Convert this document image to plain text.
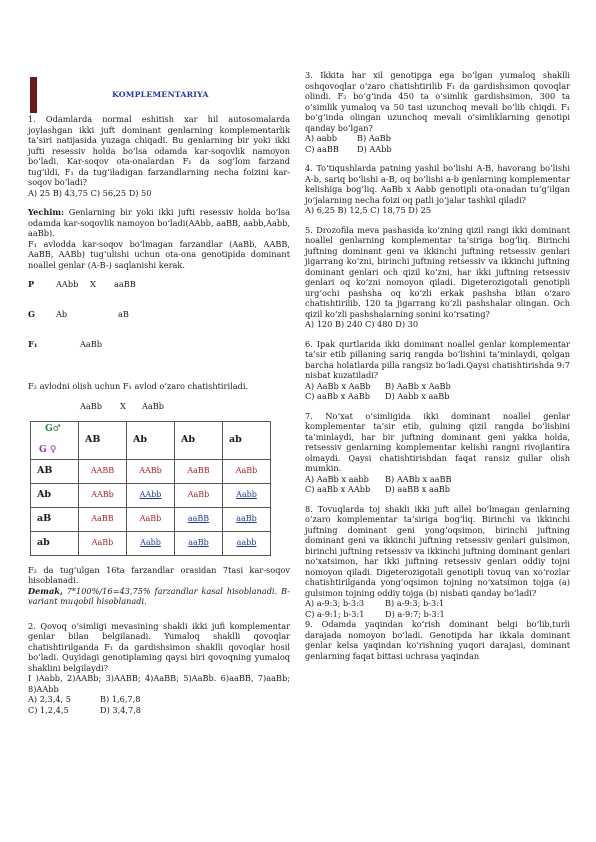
KOMPLEMENTARIYA

1. Odamlarda normal eshitish xar hil autosomalarda joylashgan ikki juft dominant genlarning komplementarlik ta’siri natijasida yuzaga chiqadi. Bu genlarning bir yoki ikki jufti resessiv holda bo‘lsa odamda kar-soqovlik namoyon bo‘ladi. Kar-soqov ota-onalardan F₁ da sog‘lom farzand tug‘ildi, F₁ da tug‘iladigan farzandlarning necha foizini kar-soqov bo‘ladi?

A) 25 B) 43,75 C) 56,25 D) 50

Yechim: Genlarning bir yoki ikki jufti resessiv holda bo‘lsa odamda kar-soqovlik namoyon bo‘ladi(AAbb, aaBB, aabb,Aabb, aaBb).

F₁ avlodda kar-soqov bo‘lmagan farzandlar (AaBb, AABB, AaBB, AABb) tug‘ulishi uchun ota-ona genotipida dominant noallel genlar (A-B-) saqlanishi kerak.

P	AAbb X aaBB
G	Ab	aB
F₁	AaBb

F₂ avlodni olish uchun F₁ avlod o‘zaro chatishtiriladi.

AaBb X AaBb
G♂
G ♀	AB	Ab	Ab	ab
AB	AABB	AABb	AaBB	AaBb
Ab	AABb	AAbb	AaBb	Aabb
aB	AaBB	AaBb	aaBB	aaBb
ab	AaBb	Aabb	aaBb	aabb

F₂ da tug‘ulgan 16ta farzandlar orasidan 7tasi kar-soqov hisoblanadi.

Demak, 7*100%/16=43,75% farzandlar kasal hisoblanadi. B-variant muqobil hisoblanadi.

2. Qovoq o‘simligi mevasining shakli ikki jufi komplementar genlar bilan belgilanadi. Yumaloq shaklli qovoqlar chatishtirilganda F₁ da gardishsimon shaklli qovoqlar hosil bo‘ladi. Quyidagi genotiplaming qaysi biri qovoqning yumaloq shaklini belgilaydi?

I )Aabb, 2)AABb; 3)AABB; 4)AaBB; 5)AaBb. 6)aaBB, 7)aaBb; 8)AAbb

A) 2,3,4, 5	B) 1,6,7,8
C) 1,2,4,5	D) 3,4,7,8

3. Ikkita har xil genotipga ega bo‘lgan yumaloq shaklli oshqovoqlar o‘zaro chatishtirilib F₁ da gardishsimon qovoqlar olindi. F₂ bo‘g‘inda 450 ta o‘simlik gardishsimon, 300 ta o‘simlik yumaloq va 50 tasi uzunchoq mevali bo‘lib chiqdi. F₁ bo‘g‘inda olingan uzunchoq mevali o‘simliklarning genotipi qanday bo‘lgan?

A) aabb	B) AaBb
C) aaBB	D) AAbb

4. To‘tiqushlarda patning yashil bo‘lishi A-B, havorang bo‘lishi A-b, sariq bo‘lishi a-B, oq bo‘lishi a-b genlarning komplementar kelishiga bog‘liq. AaBb x Aabb genotipli ota-onadan tu‘g‘ilgan jo‘jalarning necha foizi oq patli jo‘jalar tashkil qiladi?

A) 6,25 B) 12,5 C) 18,75 D) 25

5. Drozofila meva pashasida ko‘zning qizil rangi ikki dominant noallel genlarning komplementar ta’siriga bog‘liq. Birinchi juftning dominant geni va ikkinchi juftning retsessiv genlari jigarrang ko‘zni, birinchi juftning retsessiv va ikkinchi juftning dominant genlari och qizil ko‘zni, har ikki juftning retsessiv genlari oq ko‘zni nomoyon qiladi. Digeterozigotali genotipli urg‘ochi pashsha oq ko‘zli erkak pashsha bilan o‘zaro chatishtirilib, 120 ta jigarrang ko‘zli pashshalar olingan. Och qizil ko‘zli pashshalarning sonini ko‘rsating?

A) 120 B) 240 C) 480 D) 30

6. Ipak qurtlarida ikki dominant noallel genlar komplementar ta’sir etib pillaning sariq rangda bo‘lishini ta’minlaydi, qolgan barcha holatlarda pilla rangsiz bo‘ladi.Qaysi chatishtirishda 9:7 nisbat kuzatiladi?

A) AaBb x AaBb	B) AaBb x AaBb
C) aaBb x AaBb	D) Aabb x aaBb

7. No‘xat o‘simligida ikki dominant noallel genlar komplementar ta’sir etib, gulning qizil rangda bo‘lishini ta’minlaydi, har bir juftning dominant geni yakka holda, retsessiv genlarning komplementar kelishi rangni rivojlantira olmaydi. Qaysi chatishtirishdan faqat ransiz gullar olish mumkin.

A) AaBb x aabb	B) AABb x aaBB
C) aaBb x AAbb	D) aaBB x aaBb

8. Tovuqlarda toj shakli ikki juft allel bo‘lmagan genlarning o‘zaro komplementar ta’siriga bog‘liq. Birinchi va ikkinchi juftning dominant geni yong‘oqsimon, birinchi juftning dominant geni va ikkinchi juftning retsessiv genlari gulsimon, birinchi juftning retsessiv va ikkinchi juftning dominant genlari no‘xatsimon, har ikki juftning retsessiv genlari oddiy tojni nomoyon qiladi. Digeterozigotali genotipli tovuq van xo‘rozlar chatishtirilganda yong‘oqsimon tojning no‘xatsimon tojga (a) gulsimon tojning oddiy tojga (b) nisbati qanday bo‘ladi?

A) a-9:3; b-3:3	B) a-9:3; b-3:1
C) a-9:1; b-3:1	D) a-9:7; b-3:1

9. Odamda yaqindan ko‘rish dominant belgi bo‘lib,turli darajada nomoyon bo‘ladi. Genotipda har ikkala dominant genlar kelsa yaqindan ko‘rishning yuqori darajasi, dominant genlarning faqat bittasi uchrasa yaqindan
